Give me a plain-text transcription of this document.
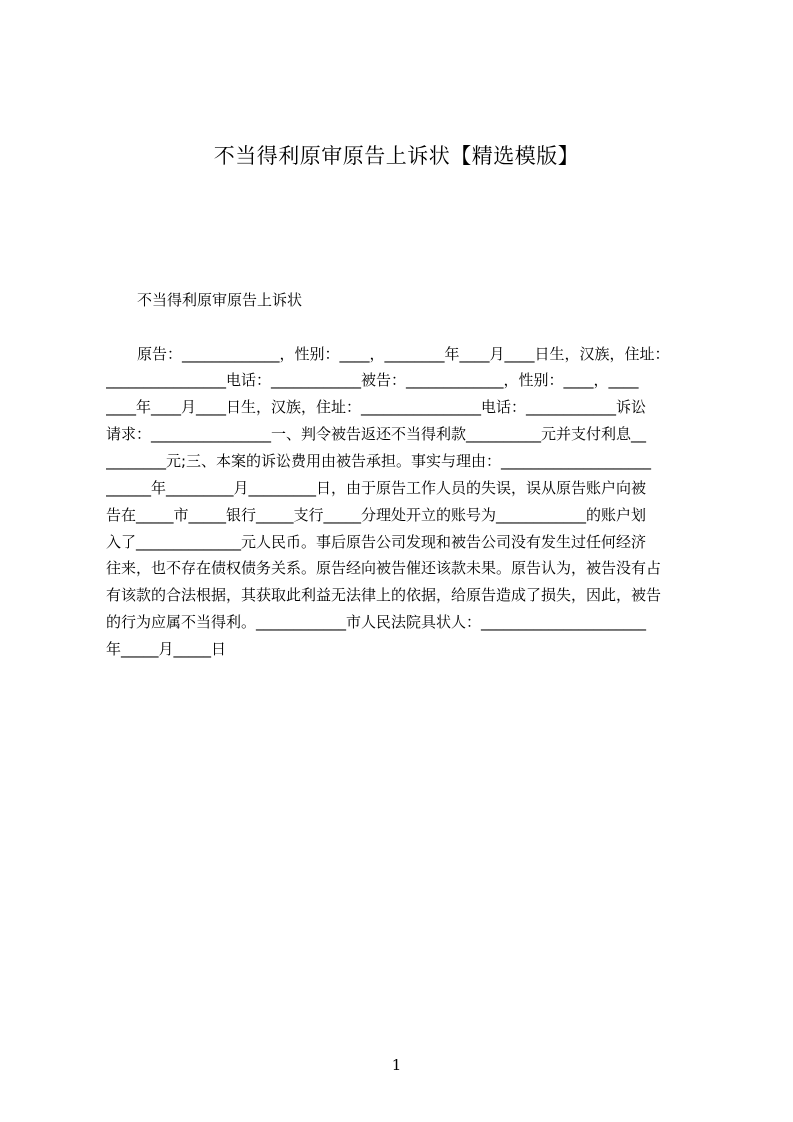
不当得利原审原告上诉状【精选模版】
不当得利原审原告上诉状
原告：_____________，性别：____，________年____月____日生，汉族，住址：
________________电话：____________被告：_____________，性别：____，____
____年____月____日生，汉族，住址：________________电话：____________诉讼
请求：________________一、判令被告返还不当得利款__________元并支付利息__
________元;三、本案的诉讼费用由被告承担。事实与理由：____________________
______年_________月_________日，由于原告工作人员的失误，误从原告账户向被
告在_____市_____银行_____支行_____分理处开立的账号为____________的账户划
入了______________元人民币。事后原告公司发现和被告公司没有发生过任何经济
往来，也不存在债权债务关系。原告经向被告催还该款未果。原告认为，被告没有占
有该款的合法根据，其获取此利益无法律上的依据，给原告造成了损失，因此，被告
的行为应属不当得利。____________市人民法院具状人：______________________
年_____月_____日
1
